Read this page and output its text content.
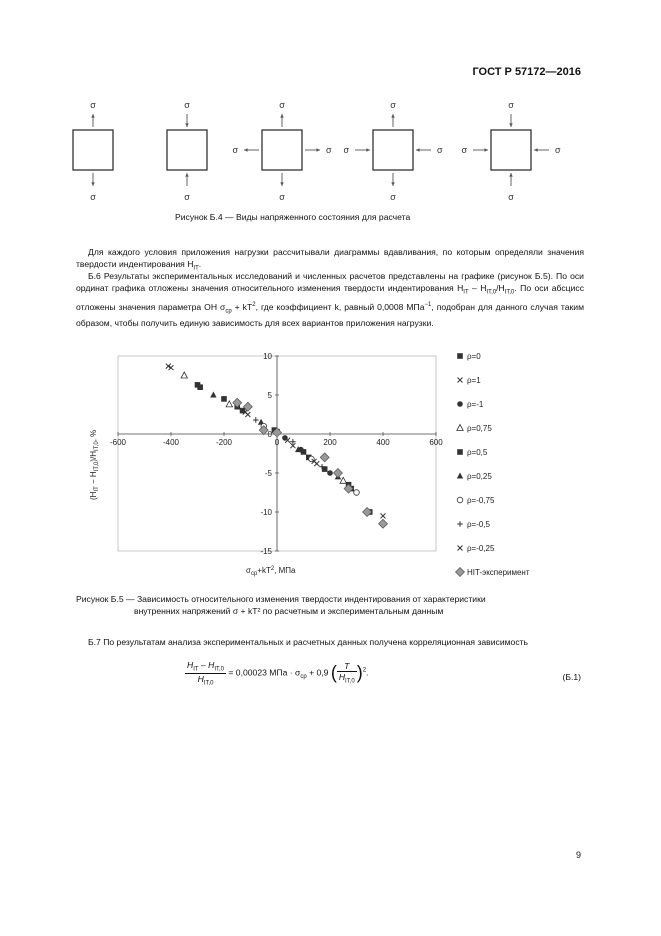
ГОСТ Р 57172—2016
σ
σ
σ
σ
σ
σ
σ	σ
σ
σ
σ	σ
σ
σ
σ	σ
Рисунок Б.4 — Виды напряженного состояния для расчета

Для каждого условия приложения нагрузки рассчитывали диаграммы вдавливания, по которым определяли значения твердости индентирования $H_{IT}$.

Б.6 Результаты экспериментальных исследований и численных расчетов представлены на графике (рисунок Б.5). По оси ординат графика отложены значения относительного изменения твердости индентирования $H_{IT} - H_{IT,0}/H_{IT,0}$. По оси абсцисс отложены значения параметра ОН $\sigma_{ср} + kT^2$, где коэффициент k, равный 0,0008 МПа$^{-1}$, подобран для данного случая таким образом, чтобы получить единую зависимость для всех вариантов приложения нагрузки.

-600	-400	-200	0	200	400	600
10
5
0
-5
-10
-15
ρ=0
ρ=1
ρ=-1
ρ=0,75
ρ=0,5
ρ=0,25
ρ=-0,75
ρ=-0,5
ρ=-0,25
HIT-эксперимент
$\sigma_{ср}+kT^2$, МПа
$(H_{IT} - H_{IT,0})/H_{IT,0}$, %
Рисунок Б.5 — Зависимость относительного изменения твердости индентирования от характеристики
внутренних напряжений σ + kT² по расчетным и экспериментальным данным

Б.7 По результатам анализа экспериментальных и расчетных данных получена корреляционная зависимость

$\frac{H_{IT} - H_{IT,0}}{H_{IT,0}} = 0,00023$ МПа · $\sigma_{ср} + 0,9$ ( $\frac{T}{H_{IT,0}} )^2$.	(Б.1)
9
